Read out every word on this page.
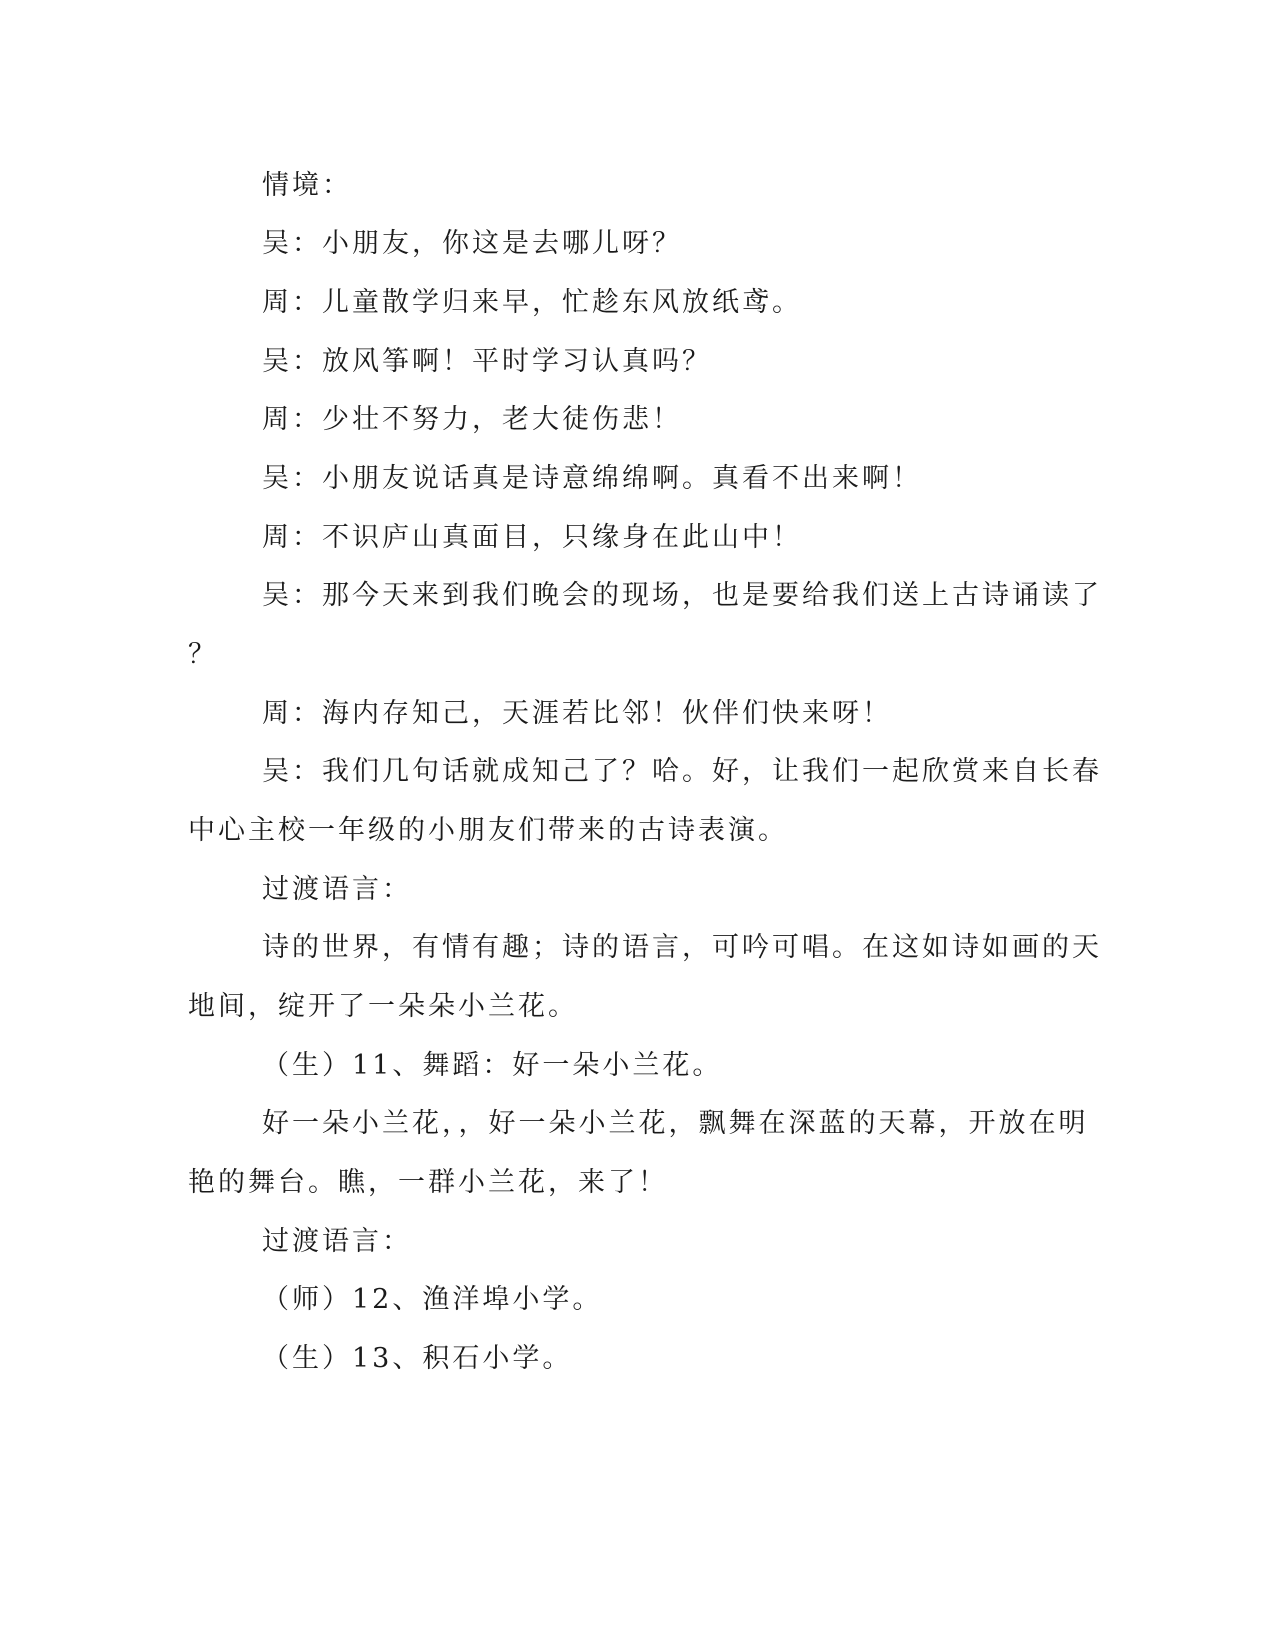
情境：
吴：小朋友，你这是去哪儿呀？
周：儿童散学归来早，忙趁东风放纸鸢。
吴：放风筝啊！平时学习认真吗？
周：少壮不努力，老大徒伤悲！
吴：小朋友说话真是诗意绵绵啊。真看不出来啊！
周：不识庐山真面目，只缘身在此山中！
吴：那今天来到我们晚会的现场，也是要给我们送上古诗诵读了
？
周：海内存知己，天涯若比邻！伙伴们快来呀！
吴：我们几句话就成知己了？哈。好，让我们一起欣赏来自长春
中心主校一年级的小朋友们带来的古诗表演。
过渡语言：
诗的世界，有情有趣；诗的语言，可吟可唱。在这如诗如画的天
地间，绽开了一朵朵小兰花。
（生）11、舞蹈：好一朵小兰花。
好一朵小兰花，，好一朵小兰花，飘舞在深蓝的天幕，开放在明
艳的舞台。瞧，一群小兰花，来了！
过渡语言：
（师）12、渔洋埠小学。
（生）13、积石小学。
